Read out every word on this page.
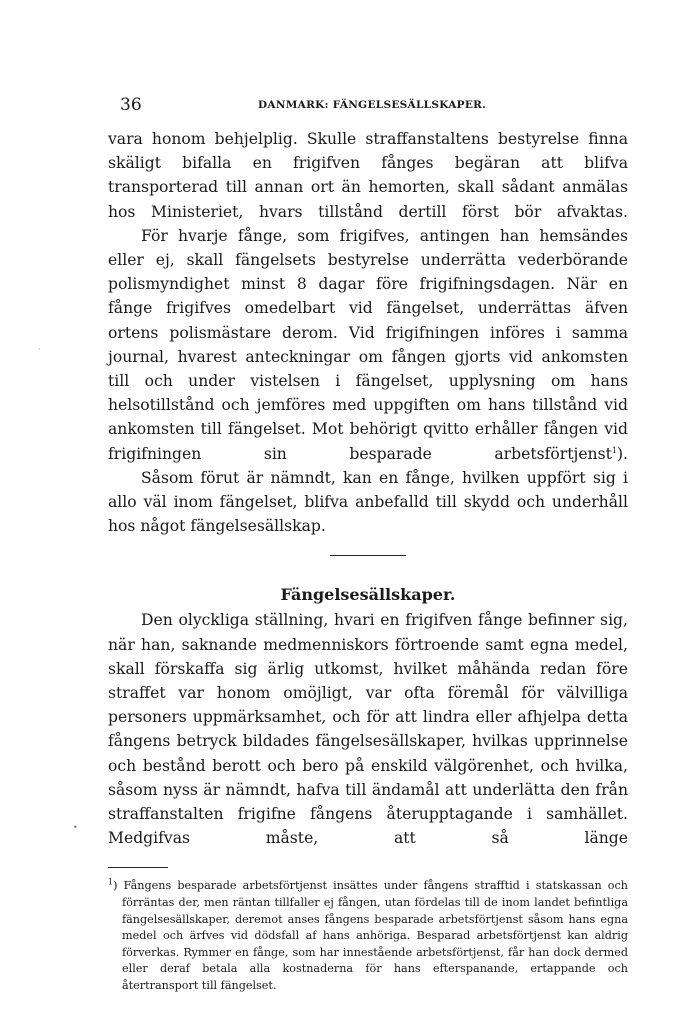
36	DANMARK: FÄNGELSESÄLLSKAPER.

vara honom behjelplig. Skulle straffanstaltens bestyrelse finna skäligt bifalla en frigifven fånges begäran att blifva transporterad till annan ort än hemorten, skall sådant anmälas hos Ministeriet, hvars tillstånd dertill först bör afvaktas.

För hvarje fånge, som frigifves, antingen han hemsändes eller ej, skall fängelsets bestyrelse underrätta vederbörande polismyndighet minst 8 dagar före frigifningsdagen. När en fånge frigifves omedelbart vid fängelset, underrättas äfven ortens polismästare derom. Vid frigifningen införes i samma journal, hvarest anteckningar om fången gjorts vid ankomsten till och under vistelsen i fängelset, upplysning om hans helsotillstånd och jemföres med uppgiften om hans tillstånd vid ankomsten till fängelset. Mot behörigt qvitto erhåller fången vid frigifningen sin besparade arbetsförtjenst$^1$).

Såsom förut är nämndt, kan en fånge, hvilken uppfört sig i allo väl inom fängelset, blifva anbefalld till skydd och underhåll hos något fängelsesällskap.

Fängelsesällskaper.

Den olyckliga ställning, hvari en frigifven fånge befinner sig, när han, saknande medmenniskors förtroende samt egna medel, skall förskaffa sig ärlig utkomst, hvilket måhända redan före straffet var honom omöjligt, var ofta föremål för välvilliga personers uppmärksamhet, och för att lindra eller afhjelpa detta fångens betryck bildades fängelsesällskaper, hvilkas upprinnelse och bestånd berott och bero på enskild välgörenhet, och hvilka, såsom nyss är nämndt, hafva till ändamål att underlätta den från straffanstalten frigifne fångens återupptagande i samhället. Medgifvas måste, att så länge

$^1$) Fångens besparade arbetsförtjenst insättes under fångens strafftid i statskassan och förräntas der, men räntan tillfaller ej fången, utan fördelas till de inom landet befintliga fängelsesällskaper, deremot anses fångens besparade arbetsförtjenst såsom hans egna medel och ärfves vid dödsfall af hans anhöriga. Besparad arbetsförtjenst kan aldrig förverkas. Rymmer en fånge, som har innestående arbetsförtjenst, får han dock dermed eller deraf betala alla kostnaderna för hans efterspanande, ertappande och återtransport till fängelset.

•
·
